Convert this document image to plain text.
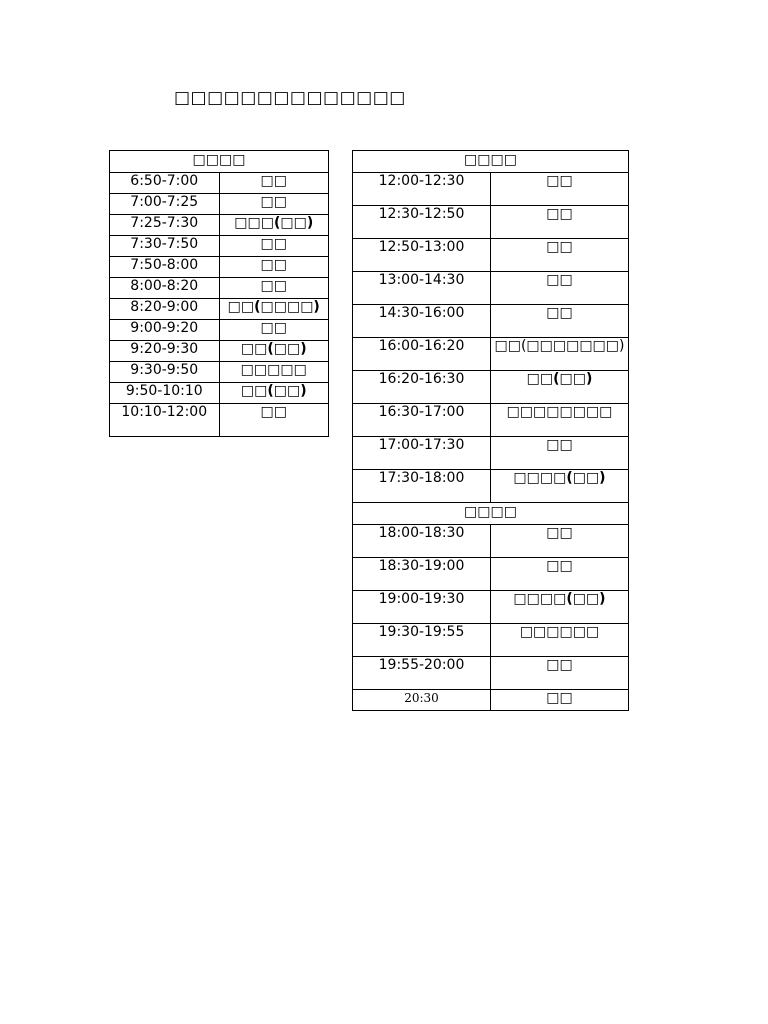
□□□□□□□□□□□□□□
□□□□	
6:50-7:00	□□
7:00-7:25	□□
7:25-7:30	□□□(□□)
7:30-7:50	□□
7:50-8:00	□□
8:00-8:20	□□
8:20-9:00	□□(□□□□)
9:00-9:20	□□
9:20-9:30	□□(□□)
9:30-9:50	□□□□□
9:50-10:10	□□(□□)
10:10-12:00	□□
□□□□	
12:00-12:30	□□
12:30-12:50	□□
12:50-13:00	□□
13:00-14:30	□□
14:30-16:00	□□
16:00-16:20	□□(□□□□□□□)
16:20-16:30	□□(□□)
16:30-17:00	□□□□□□□□
17:00-17:30	□□
17:30-18:00	□□□□(□□)
□□□□	
18:00-18:30	□□
18:30-19:00	□□
19:00-19:30	□□□□(□□)
19:30-19:55	□□□□□□
19:55-20:00	□□
20:30	□□
